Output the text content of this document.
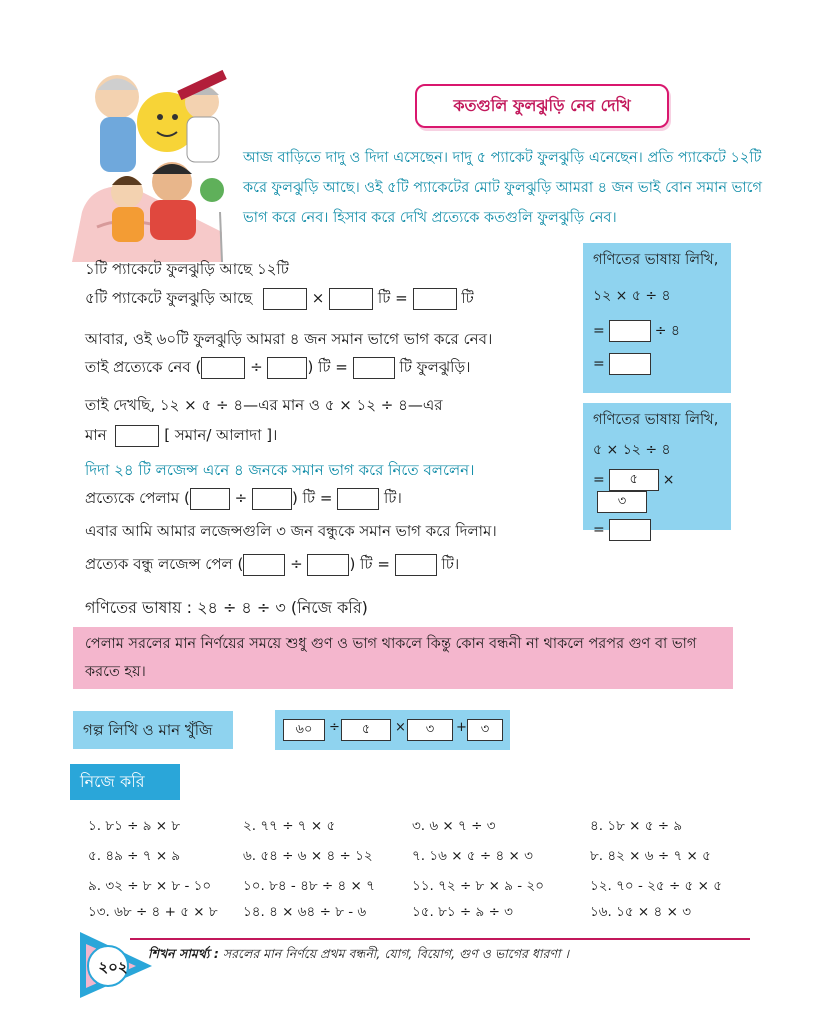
কতগুলি ফুলঝুড়ি নেব দেখি
আজ বাড়িতে দাদু ও দিদা এসেছেন। দাদু ৫ প্যাকেট ফুলঝুড়ি এনেছেন। প্রতি প্যাকেটে ১২টি করে ফুলঝুড়ি আছে। ওই ৫টি প্যাকেটের মোট ফুলঝুড়ি আমরা ৪ জন ভাই বোন সমান ভাগে ভাগ করে নেব। হিসাব করে দেখি প্রত্যেকে কতগুলি ফুলঝুড়ি নেব।
১টি প্যাকেটে ফুলঝুড়ি আছে ১২টি
৫টি প্যাকেটে ফুলঝুড়ি আছে	×	টি =	টি
আবার, ওই ৬০টি ফুলঝুড়ি আমরা ৪ জন সমান ভাগে ভাগ করে নেব।
তাই প্রত্যেকে নেব (	÷	) টি =	টি ফুলঝুড়ি।
তাই দেখছি, ১২ × ৫ ÷ ৪—এর মান ও ৫ × ১২ ÷ ৪—এর
মান	[ সমান/ আলাদা ]।
দিদা ২৪ টি লজেন্স এনে ৪ জনকে সমান ভাগ করে নিতে বললেন।
প্রত্যেকে পেলাম (	÷	) টি =	টি।
এবার আমি আমার লজেন্সগুলি ৩ জন বন্ধুকে সমান ভাগ করে দিলাম।
প্রত্যেক বন্ধু লজেন্স পেল (	÷	) টি =	টি।
গণিতের ভাষায় : ২৪ ÷ ৪ ÷ ৩ (নিজে করি)
গণিতের ভাষায় লিখি,
১২ × ৫ ÷ ৪
=	÷ ৪
=
গণিতের ভাষায় লিখি,
৫ × ১২ ÷ ৪
= ৫ ×৩
=
পেলাম সরলের মান নির্ণয়ের সময়ে শুধু গুণ ও ভাগ থাকলে কিন্তু কোন বন্ধনী না থাকলে পরপর গুণ বা ভাগ করতে হয়।
গল্প লিখি ও মান খুঁজি	৬০	÷	৫	×	৩	+	৩
নিজে করি
১. ৮১ ÷ ৯ × ৮	২. ৭৭ ÷ ৭ × ৫	৩. ৬ × ৭ ÷ ৩	৪. ১৮ × ৫ ÷ ৯
৫. ৪৯ ÷ ৭ × ৯	৬. ৫৪ ÷ ৬ × ৪ ÷ ১২	৭. ১৬ × ৫ ÷ ৪ × ৩	৮. ৪২ × ৬ ÷ ৭ × ৫
৯. ৩২ ÷ ৮ × ৮ - ১০ ১০. ৮৪ - ৪৮ ÷ ৪ × ৭	১১. ৭২ ÷ ৮ × ৯ - ২০	১২. ৭০ - ২৫ ÷ ৫ × ৫
১৩. ৬৮ ÷ ৪ + ৫ × ৮ ১৪. ৪ × ৬৪ ÷ ৮ - ৬	১৫. ৮১ ÷ ৯ ÷ ৩	১৬. ১৫ × ৪ × ৩
২০২
শিখন সামর্থ্য : সরলের মান নির্ণয়ে প্রথম বন্ধনী, যোগ, বিয়োগ, গুণ ও ভাগের ধারণা ।
